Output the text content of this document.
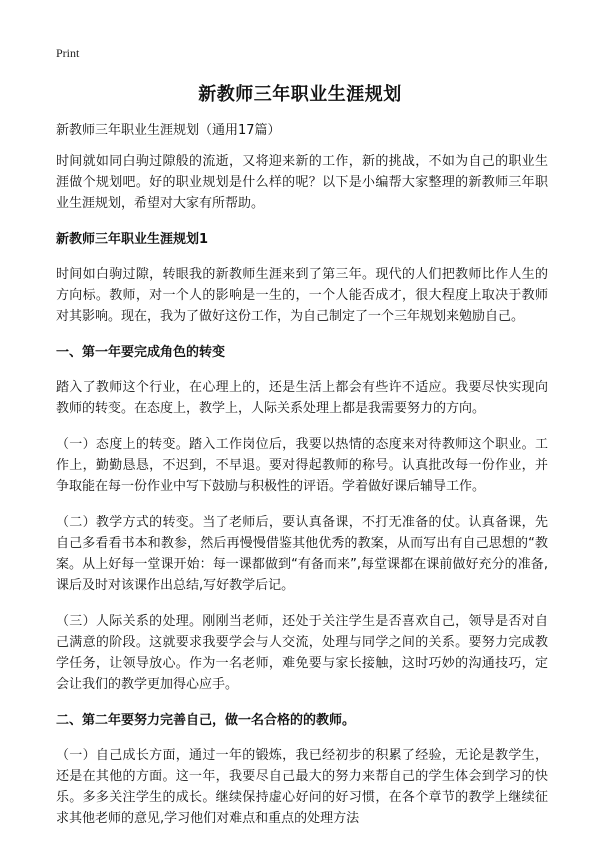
Print
新教师三年职业生涯规划

新教师三年职业生涯规划（通用17篇）

时间就如同白驹过隙般的流逝，又将迎来新的工作，新的挑战，不如为自己的职业生涯做个规划吧。好的职业规划是什么样的呢？以下是小编帮大家整理的新教师三年职业生涯规划，希望对大家有所帮助。

新教师三年职业生涯规划1

时间如白驹过隙，转眼我的新教师生涯来到了第三年。现代的人们把教师比作人生的方向标。教师，对一个人的影响是一生的，一个人能否成才，很大程度上取决于教师对其影响。现在，我为了做好这份工作，为自己制定了一个三年规划来勉励自己。

一、第一年要完成角色的转变

踏入了教师这个行业，在心理上的，还是生活上都会有些许不适应。我要尽快实现向教师的转变。在态度上，教学上，人际关系处理上都是我需要努力的方向。

（一）态度上的转变。踏入工作岗位后，我要以热情的态度来对待教师这个职业。工作上，勤勤恳恳，不迟到，不早退。要对得起教师的称号。认真批改每一份作业，并争取能在每一份作业中写下鼓励与积极性的评语。学着做好课后辅导工作。

（二）教学方式的转变。当了老师后，要认真备课，不打无准备的仗。认真备课，先自己多看看书本和教参，然后再慢慢借鉴其他优秀的教案，从而写出有自己思想的“教案。从上好每一堂课开始：每一课都做到“有备而来”,每堂课都在课前做好充分的准备,课后及时对该课作出总结,写好教学后记。

（三）人际关系的处理。刚刚当老师，还处于关注学生是否喜欢自己，领导是否对自己满意的阶段。这就要求我要学会与人交流，处理与同学之间的关系。要努力完成教学任务，让领导放心。作为一名老师，难免要与家长接触，这时巧妙的沟通技巧，定会让我们的教学更加得心应手。

二、第二年要努力完善自己，做一名合格的的教师。

（一）自己成长方面，通过一年的锻炼，我已经初步的积累了经验，无论是教学生，还是在其他的方面。这一年，我要尽自己最大的努力来帮自己的学生体会到学习的快乐。多多关注学生的成长。继续保持虚心好问的好习惯，在各个章节的教学上继续征求其他老师的意见,学习他们对难点和重点的处理方法
